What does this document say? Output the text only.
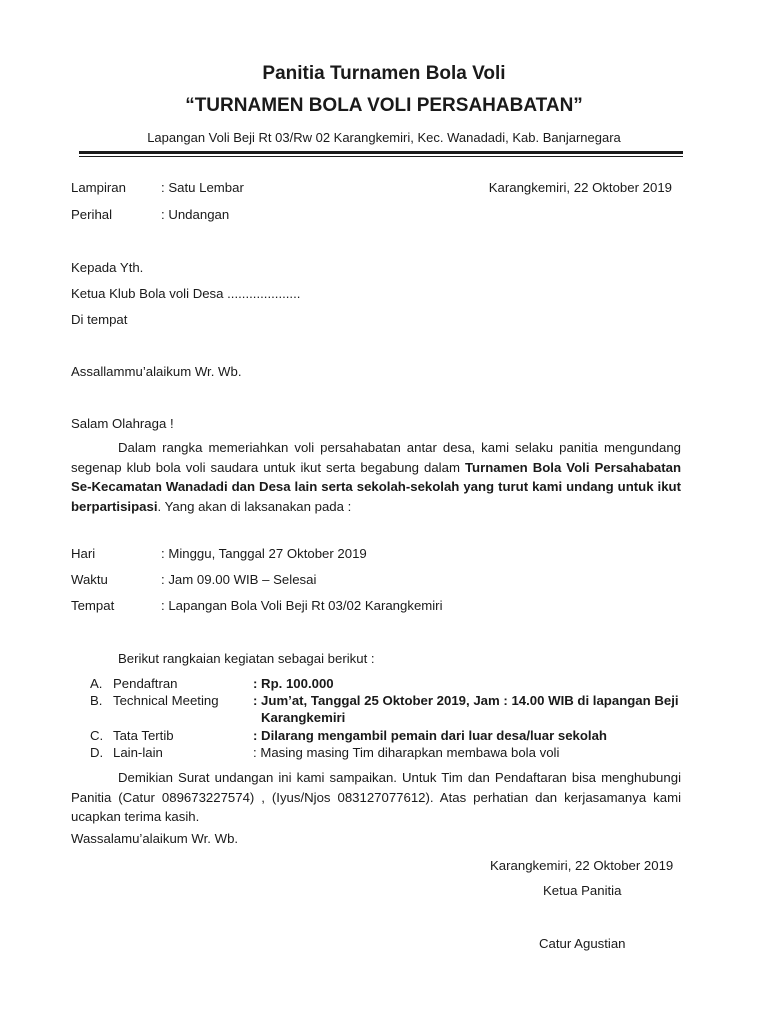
Panitia Turnamen Bola Voli
“TURNAMEN BOLA VOLI PERSAHABATAN”
Lapangan Voli Beji Rt 03/Rw 02 Karangkemiri, Kec. Wanadadi, Kab. Banjarnegara
Lampiran	: Satu Lembar	Karangkemiri, 22 Oktober 2019
Perihal	: Undangan
Kepada Yth.
Ketua Klub Bola voli Desa ....................
Di tempat
Assallammu’alaikum Wr. Wb.
Salam Olahraga !

Dalam rangka memeriahkan voli persahabatan antar desa, kami selaku panitia mengundang segenap klub bola voli saudara untuk ikut serta begabung dalam Turnamen Bola Voli Persahabatan Se-Kecamatan Wanadadi dan Desa lain serta sekolah-sekolah yang turut kami undang untuk ikut berpartisipasi. Yang akan di laksanakan pada :

Hari	: Minggu, Tanggal 27 Oktober 2019
Waktu	: Jam 09.00 WIB – Selesai
Tempat	: Lapangan Bola Voli Beji Rt 03/02 Karangkemiri
Berikut rangkaian kegiatan sebagai berikut :
A. Pendaftran	: Rp. 100.000
B. Technical Meeting	: Jum’at, Tanggal 25 Oktober 2019, Jam : 14.00 WIB di lapangan Beji
Karangkemiri
C. Tata Tertib	: Dilarang mengambil pemain dari luar desa/luar sekolah
D. Lain-lain	: Masing masing Tim diharapkan membawa bola voli

Demikian Surat undangan ini kami sampaikan. Untuk Tim dan Pendaftaran bisa menghubungi Panitia (Catur 089673227574) , (Iyus/Njos 083127077612). Atas perhatian dan kerjasamanya kami ucapkan terima kasih.

Wassalamu’alaikum Wr. Wb.
Karangkemiri, 22 Oktober 2019
Ketua Panitia
Catur Agustian
